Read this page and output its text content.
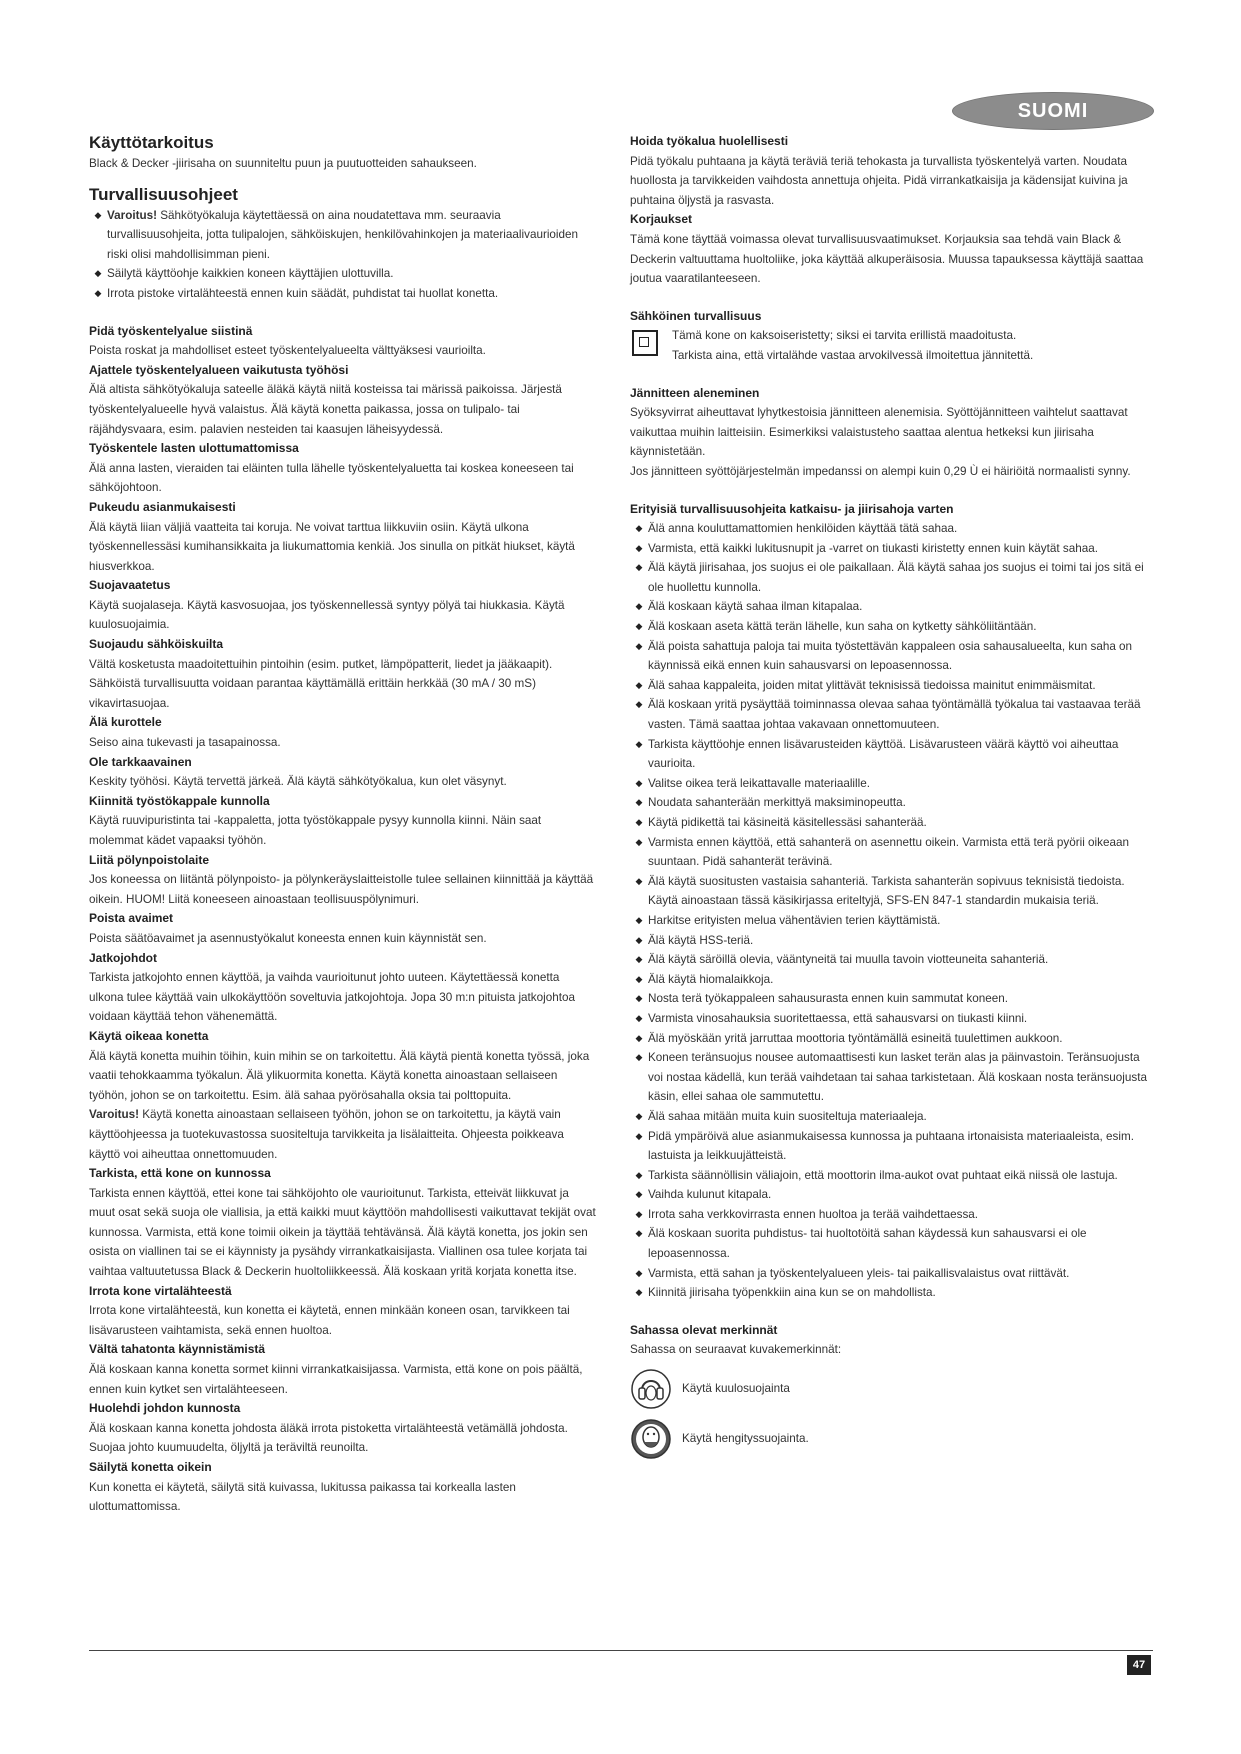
SUOMI
Käyttötarkoitus

Black & Decker -jiirisaha on suunniteltu puun ja puutuotteiden sahaukseen.

Turvallisuusohjeet
◆ Varoitus! Sähkötyökaluja käytettäessä on aina noudatettava mm. seuraavia turvallisuusohjeita, jotta tulipalojen, sähköiskujen, henkilövahinkojen ja materiaalivaurioiden riski olisi mahdollisimman pieni.
◆ Säilytä käyttöohje kaikkien koneen käyttäjien ulottuvilla.
◆ Irrota pistoke virtalähteestä ennen kuin säädät, puhdistat tai huollat konetta.
Pidä työskentelyalue siistinä

Poista roskat ja mahdolliset esteet työskentelyalueelta välttyäksesi vaurioilta.

Ajattele työskentelyalueen vaikutusta työhösi

Älä altista sähkötyökaluja sateelle äläkä käytä niitä kosteissa tai märissä paikoissa. Järjestä työskentelyalueelle hyvä valaistus. Älä käytä konetta paikassa, jossa on tulipalo- tai räjähdysvaara, esim. palavien nesteiden tai kaasujen läheisyydessä.

Työskentele lasten ulottumattomissa

Älä anna lasten, vieraiden tai eläinten tulla lähelle työskentelyaluetta tai koskea koneeseen tai sähköjohtoon.

Pukeudu asianmukaisesti

Älä käytä liian väljiä vaatteita tai koruja. Ne voivat tarttua liikkuviin osiin. Käytä ulkona työskennellessäsi kumihansikkaita ja liukumattomia kenkiä. Jos sinulla on pitkät hiukset, käytä hiusverkkoa.

Suojavaatetus

Käytä suojalaseja. Käytä kasvosuojaa, jos työskennellessä syntyy pölyä tai hiukkasia. Käytä kuulosuojaimia.

Suojaudu sähköiskuilta

Vältä kosketusta maadoitettuihin pintoihin (esim. putket, lämpöpatterit, liedet ja jääkaapit). Sähköistä turvallisuutta voidaan parantaa käyttämällä erittäin herkkää (30 mA / 30 mS) vikavirtasuojaa.

Älä kurottele

Seiso aina tukevasti ja tasapainossa.

Ole tarkkaavainen

Keskity työhösi. Käytä tervettä järkeä. Älä käytä sähkötyökalua, kun olet väsynyt.

Kiinnitä työstökappale kunnolla

Käytä ruuvipuristinta tai -kappaletta, jotta työstökappale pysyy kunnolla kiinni. Näin saat molemmat kädet vapaaksi työhön.

Liitä pölynpoistolaite

Jos koneessa on liitäntä pölynpoisto- ja pölynkeräyslaitteistolle tulee sellainen kiinnittää ja käyttää oikein. HUOM! Liitä koneeseen ainoastaan teollisuuspölynimuri.

Poista avaimet

Poista säätöavaimet ja asennustyökalut koneesta ennen kuin käynnistät sen.

Jatkojohdot

Tarkista jatkojohto ennen käyttöä, ja vaihda vaurioitunut johto uuteen. Käytettäessä konetta ulkona tulee käyttää vain ulkokäyttöön soveltuvia jatkojohtoja. Jopa 30 m:n pituista jatkojohtoa voidaan käyttää tehon vähenemättä.

Käytä oikeaa konetta

Älä käytä konetta muihin töihin, kuin mihin se on tarkoitettu. Älä käytä pientä konetta työssä, joka vaatii tehokkaamma työkalun. Älä ylikuormita konetta. Käytä konetta ainoastaan sellaiseen työhön, johon se on tarkoitettu. Esim. älä sahaa pyörösahalla oksia tai polttopuita.

Varoitus! Käytä konetta ainoastaan sellaiseen työhön, johon se on tarkoitettu, ja käytä vain käyttöohjeessa ja tuotekuvastossa suositeltuja tarvikkeita ja lisälaitteita. Ohjeesta poikkeava käyttö voi aiheuttaa onnettomuuden.

Tarkista, että kone on kunnossa

Tarkista ennen käyttöä, ettei kone tai sähköjohto ole vaurioitunut. Tarkista, etteivät liikkuvat ja muut osat sekä suoja ole viallisia, ja että kaikki muut käyttöön mahdollisesti vaikuttavat tekijät ovat kunnossa. Varmista, että kone toimii oikein ja täyttää tehtävänsä. Älä käytä konetta, jos jokin sen osista on viallinen tai se ei käynnisty ja pysähdy virrankatkaisijasta. Viallinen osa tulee korjata tai vaihtaa valtuutetussa Black & Deckerin huoltoliikkeessä. Älä koskaan yritä korjata konetta itse.

Irrota kone virtalähteestä

Irrota kone virtalähteestä, kun konetta ei käytetä, ennen minkään koneen osan, tarvikkeen tai lisävarusteen vaihtamista, sekä ennen huoltoa.

Vältä tahatonta käynnistämistä

Älä koskaan kanna konetta sormet kiinni virrankatkaisijassa. Varmista, että kone on pois päältä, ennen kuin kytket sen virtalähteeseen.

Huolehdi johdon kunnosta

Älä koskaan kanna konetta johdosta äläkä irrota pistoketta virtalähteestä vetämällä johdosta. Suojaa johto kuumuudelta, öljyltä ja teräviltä reunoilta.

Säilytä konetta oikein

Kun konetta ei käytetä, säilytä sitä kuivassa, lukitussa paikassa tai korkealla lasten ulottumattomissa.

Hoida työkalua huolellisesti

Pidä työkalu puhtaana ja käytä teräviä teriä tehokasta ja turvallista työskentelyä varten. Noudata huollosta ja tarvikkeiden vaihdosta annettuja ohjeita. Pidä virrankatkaisija ja kädensijat kuivina ja puhtaina öljystä ja rasvasta.

Korjaukset

Tämä kone täyttää voimassa olevat turvallisuusvaatimukset. Korjauksia saa tehdä vain Black & Deckerin valtuuttama huoltoliike, joka käyttää alkuperäisosia. Muussa tapauksessa käyttäjä saattaa joutua vaaratilanteeseen.

Sähköinen turvallisuus

Tämä kone on kaksoiseristetty; siksi ei tarvita erillistä maadoitusta.

Tarkista aina, että virtalähde vastaa arvokilvessä ilmoitettua jännitettä.

Jännitteen aleneminen

Syöksyvirrat aiheuttavat lyhytkestoisia jännitteen alenemisia. Syöttöjännitteen vaihtelut saattavat vaikuttaa muihin laitteisiin. Esimerkiksi valaistusteho saattaa alentua hetkeksi kun jiirisaha käynnistetään.

Jos jännitteen syöttöjärjestelmän impedanssi on alempi kuin 0,29 Ù ei häiriöitä normaalisti synny.

Erityisiä turvallisuusohjeita katkaisu- ja jiirisahoja varten
◆ Älä anna kouluttamattomien henkilöiden käyttää tätä sahaa.
◆ Varmista, että kaikki lukitusnupit ja -varret on tiukasti kiristetty ennen kuin käytät sahaa.
◆ Älä käytä jiirisahaa, jos suojus ei ole paikallaan. Älä käytä sahaa jos suojus ei toimi tai jos sitä ei ole huollettu kunnolla.
◆ Älä koskaan käytä sahaa ilman kitapalaa.
◆ Älä koskaan aseta kättä terän lähelle, kun saha on kytketty sähköliitäntään.
◆ Älä poista sahattuja paloja tai muita työstettävän kappaleen osia sahausalueelta, kun saha on käynnissä eikä ennen kuin sahausvarsi on lepoasennossa.
◆ Älä sahaa kappaleita, joiden mitat ylittävät teknisissä tiedoissa mainitut enimmäismitat.
◆ Älä koskaan yritä pysäyttää toiminnassa olevaa sahaa työntämällä työkalua tai vastaavaa terää vasten. Tämä saattaa johtaa vakavaan onnettomuuteen.
◆ Tarkista käyttöohje ennen lisävarusteiden käyttöä. Lisävarusteen väärä käyttö voi aiheuttaa vaurioita.
◆ Valitse oikea terä leikattavalle materiaalille.
◆ Noudata sahanterään merkittyä maksiminopeutta.
◆ Käytä pidikettä tai käsineitä käsitellessäsi sahanterää.
◆ Varmista ennen käyttöä, että sahanterä on asennettu oikein. Varmista että terä pyörii oikeaan suuntaan. Pidä sahanterät terävinä.
◆ Älä käytä suositusten vastaisia sahanteriä. Tarkista sahanterän sopivuus teknisistä tiedoista. Käytä ainoastaan tässä käsikirjassa eriteltyjä, SFS-EN 847-1 standardin mukaisia teriä.
◆ Harkitse erityisten melua vähentävien terien käyttämistä.
◆ Älä käytä HSS-teriä.
◆ Älä käytä säröillä olevia, vääntyneitä tai muulla tavoin viotteuneita sahanteriä.
◆ Älä käytä hiomalaikkoja.
◆ Nosta terä työkappaleen sahausurasta ennen kuin sammutat koneen.
◆ Varmista vinosahauksia suoritettaessa, että sahausvarsi on tiukasti kiinni.
◆ Älä myöskään yritä jarruttaa moottoria työntämällä esineitä tuulettimen aukkoon.
◆ Koneen teränsuojus nousee automaattisesti kun lasket terän alas ja päinvastoin. Teränsuojusta voi nostaa kädellä, kun terää vaihdetaan tai sahaa tarkistetaan. Älä koskaan nosta teränsuojusta käsin, ellei sahaa ole sammutettu.
◆ Älä sahaa mitään muita kuin suositeltuja materiaaleja.
◆ Pidä ympäröivä alue asianmukaisessa kunnossa ja puhtaana irtonaisista materiaaleista, esim. lastuista ja leikkuujätteistä.
◆ Tarkista säännöllisin väliajoin, että moottorin ilma-aukot ovat puhtaat eikä niissä ole lastuja.
◆ Vaihda kulunut kitapala.
◆ Irrota saha verkkovirrasta ennen huoltoa ja terää vaihdettaessa.
◆ Älä koskaan suorita puhdistus- tai huoltotöitä sahan käydessä kun sahausvarsi ei ole lepoasennossa.
◆ Varmista, että sahan ja työskentelyalueen yleis- tai paikallisvalaistus ovat riittävät.
◆ Kiinnitä jiirisaha työpenkkiin aina kun se on mahdollista.
Sahassa olevat merkinnät

Sahassa on seuraavat kuvakemerkinnät:

Käytä kuulosuojainta
Käytä hengityssuojainta.
47
